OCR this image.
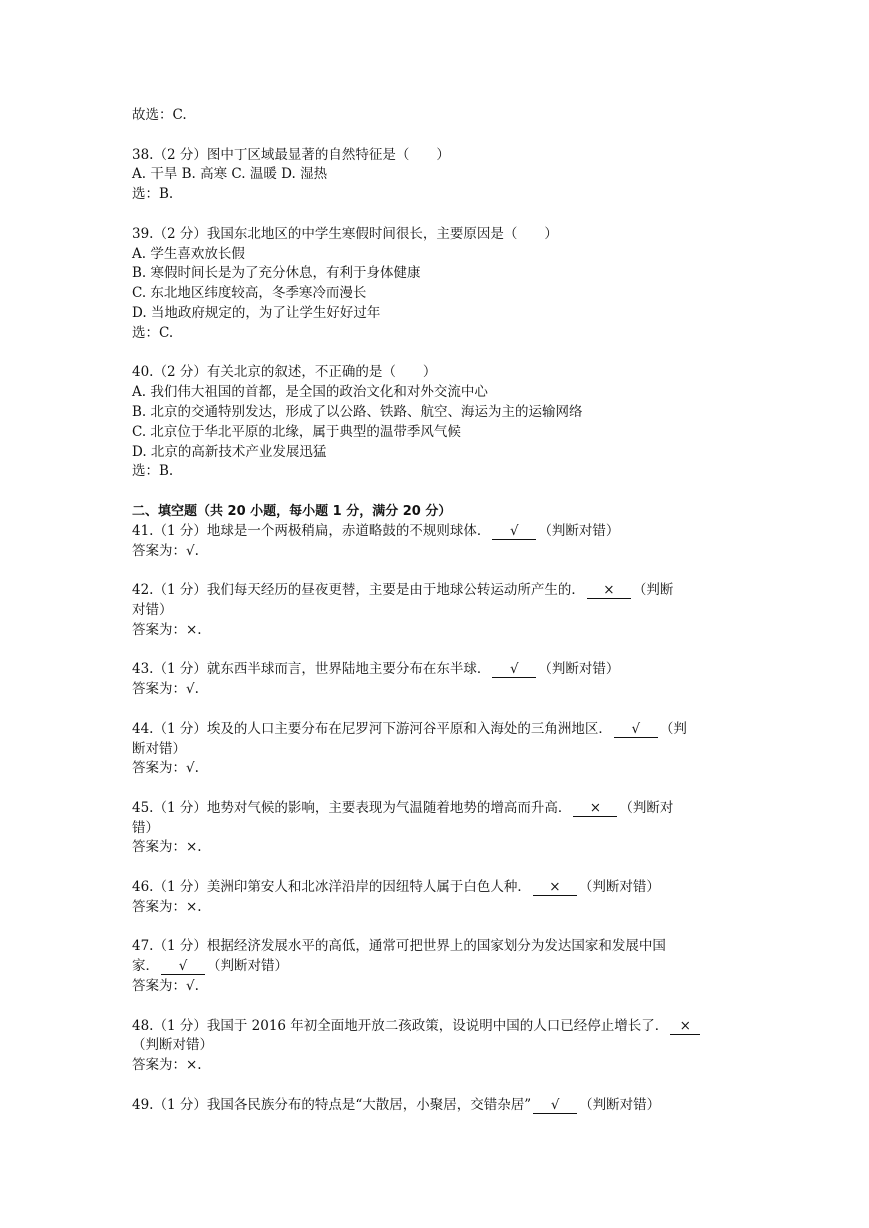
故选：C.
38.（2 分）图中丁区域最显著的自然特征是（　　）
A. 干旱 B. 高寒 C. 温暖 D. 湿热
选：B.
39.（2 分）我国东北地区的中学生寒假时间很长，主要原因是（　　）
A. 学生喜欢放长假
B. 寒假时间长是为了充分休息，有利于身体健康
C. 东北地区纬度较高，冬季寒冷而漫长
D. 当地政府规定的，为了让学生好好过年
选：C.
40.（2 分）有关北京的叙述，不正确的是（　　）
A. 我们伟大祖国的首都，是全国的政治文化和对外交流中心
B. 北京的交通特别发达，形成了以公路、铁路、航空、海运为主的运输网络
C. 北京位于华北平原的北缘，属于典型的温带季风气候
D. 北京的高新技术产业发展迅猛
选：B.
二、填空题（共 20 小题，每小题 1 分，满分 20 分）
41.（1 分）地球是一个两极稍扁，赤道略鼓的不规则球体． √ （判断对错）
答案为：√.
42.（1 分）我们每天经历的昼夜更替，主要是由于地球公转运动所产生的． × （判断
对错）
答案为：×.
43.（1 分）就东西半球而言，世界陆地主要分布在东半球． √ （判断对错）
答案为：√.
44.（1 分）埃及的人口主要分布在尼罗河下游河谷平原和入海处的三角洲地区． √ （判
断对错）
答案为：√.
45.（1 分）地势对气候的影响，主要表现为气温随着地势的增高而升高． × （判断对
错）
答案为：×.
46.（1 分）美洲印第安人和北冰洋沿岸的因纽特人属于白色人种． × （判断对错）
答案为：×.
47.（1 分）根据经济发展水平的高低，通常可把世界上的国家划分为发达国家和发展中国
家． √ （判断对错）
答案为：√.
48.（1 分）我国于 2016 年初全面地开放二孩政策，设说明中国的人口已经停止增长了． ×
（判断对错）
答案为：×.
49.（1 分）我国各民族分布的特点是“大散居，小聚居，交错杂居” √ （判断对错）
